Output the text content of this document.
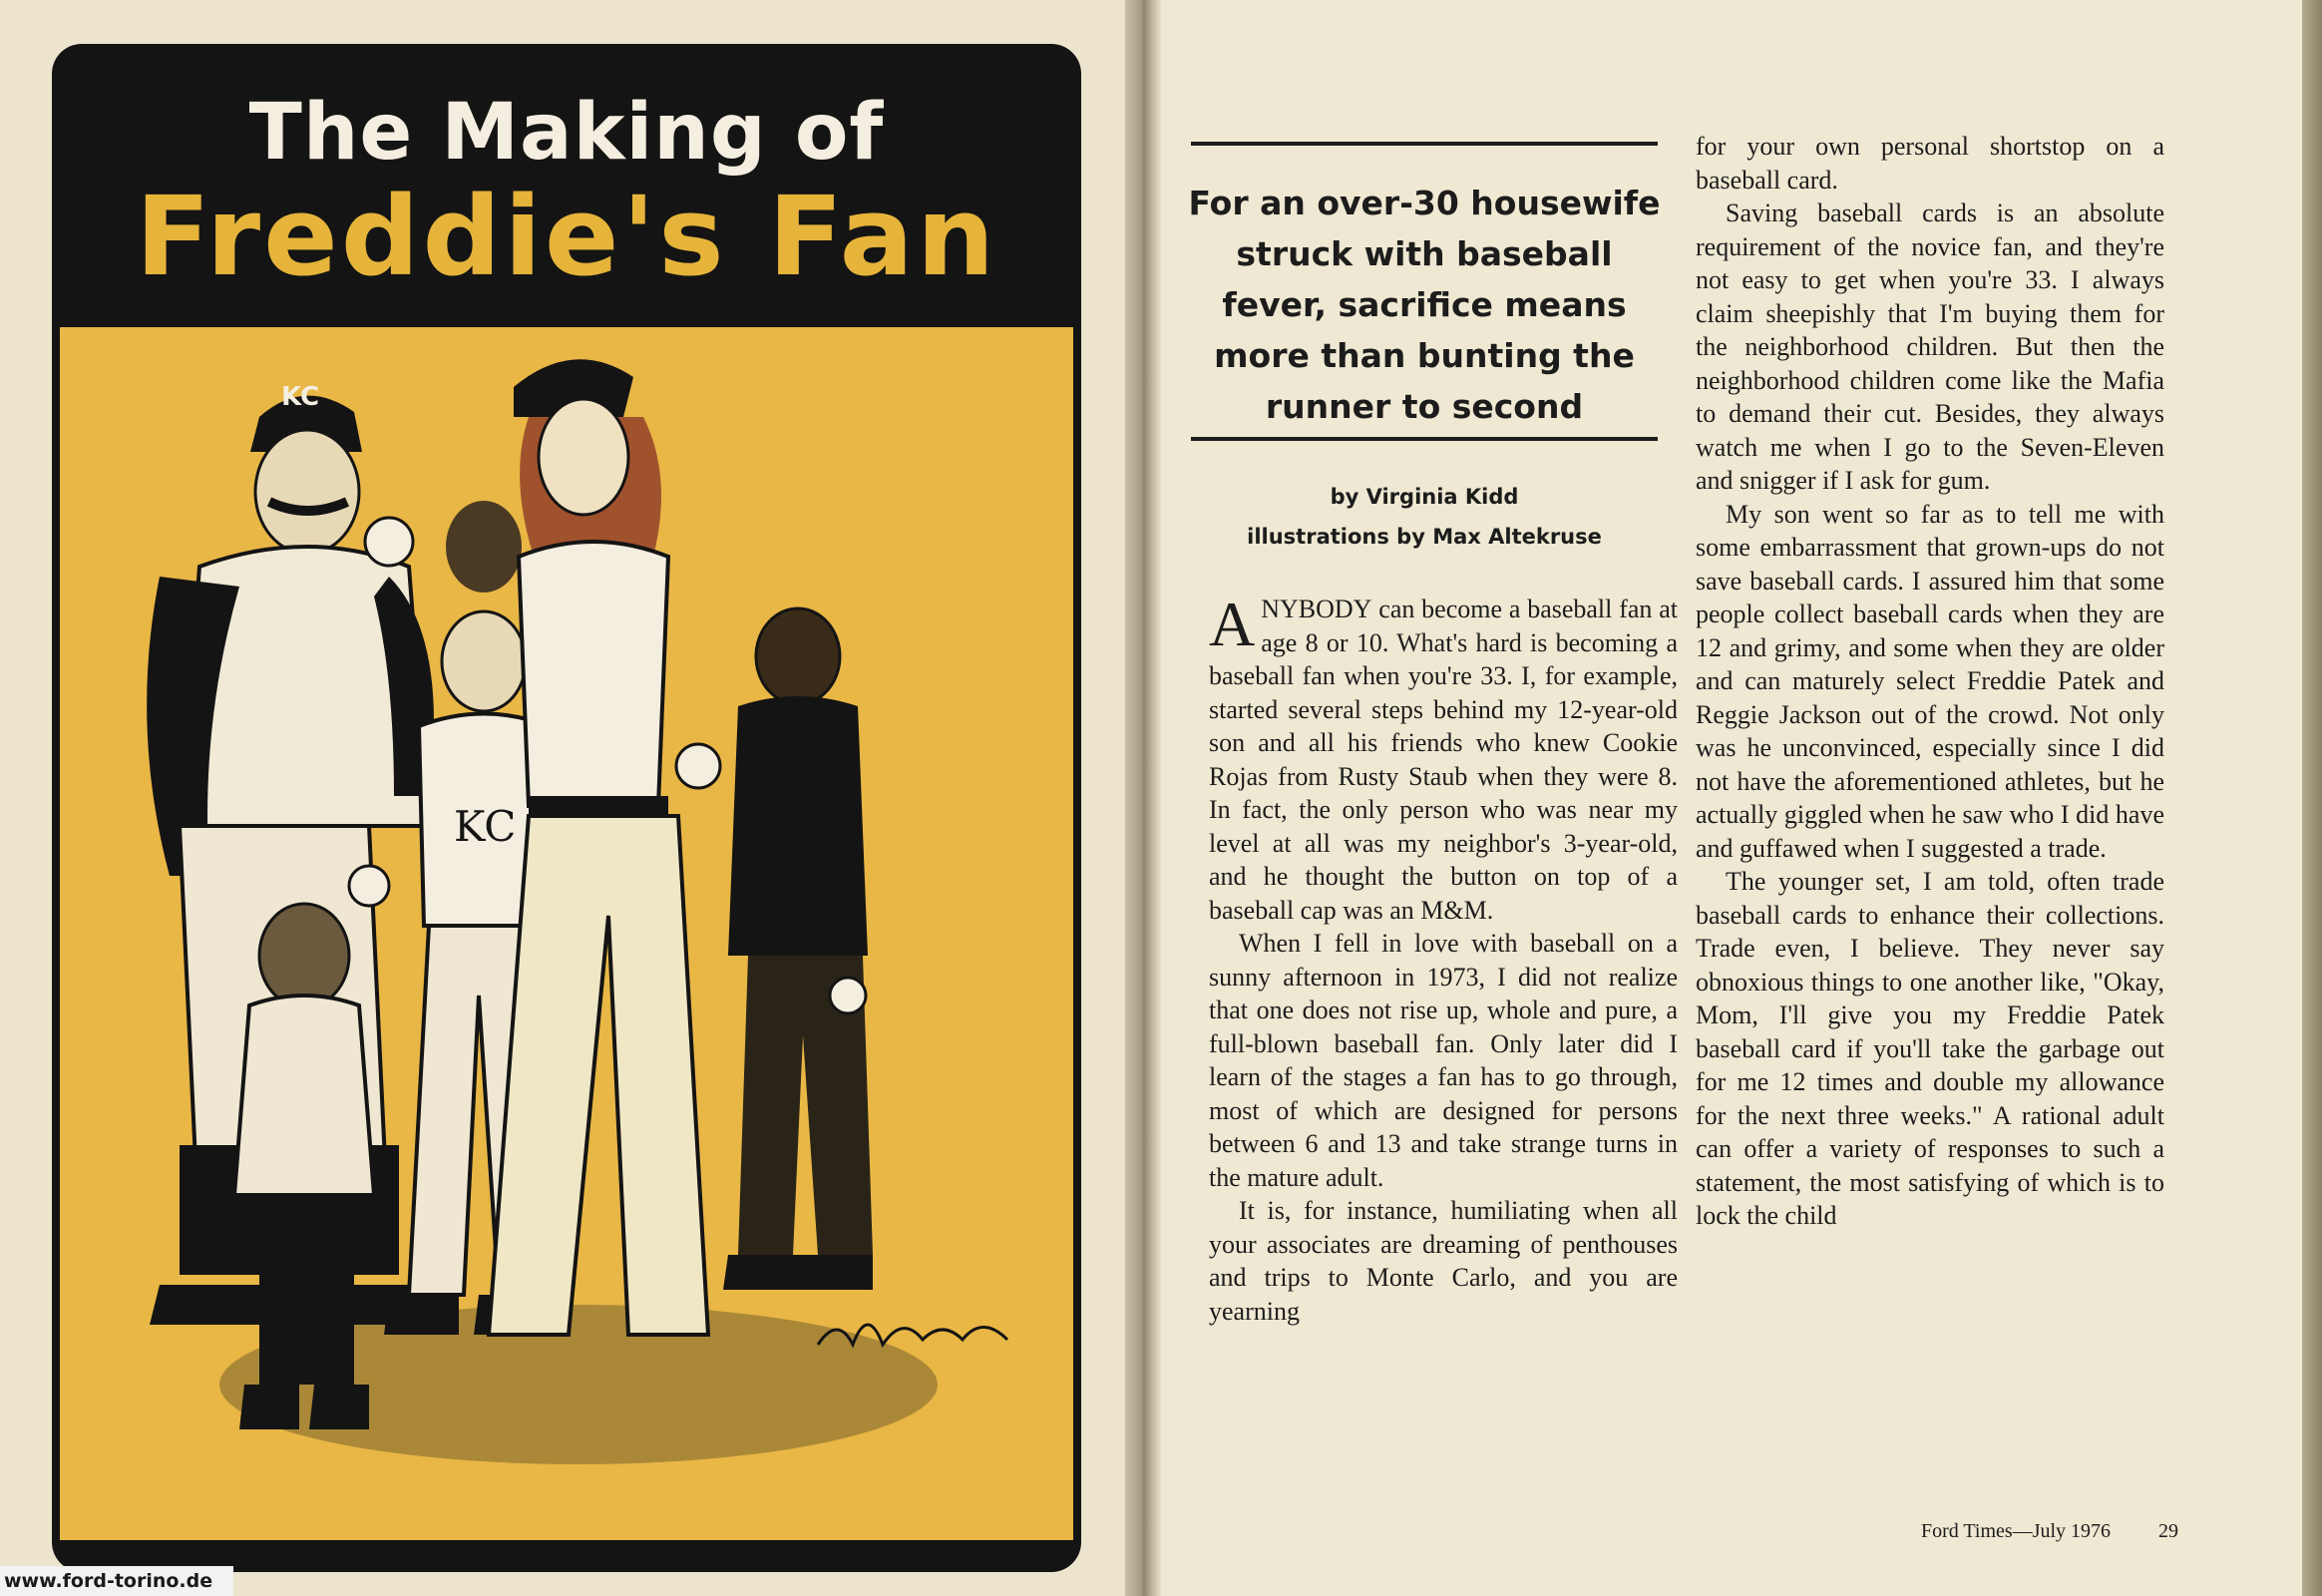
The Making of
Freddie's Fan
KC
KC
www.ford-torino.de
For an over-30 housewife struck with baseball fever, sacrifice means more than bunting the runner to second
by Virginia Kidd
illustrations by Max Altekruse

ANYBODY can become a baseball fan at age 8 or 10. What's hard is becoming a baseball fan when you're 33. I, for example, started several steps behind my 12-year-old son and all his friends who knew Cookie Rojas from Rusty Staub when they were 8. In fact, the only person who was near my level at all was my neighbor's 3-year-old, and he thought the button on top of a baseball cap was an M&M.

When I fell in love with baseball on a sunny afternoon in 1973, I did not realize that one does not rise up, whole and pure, a full-blown baseball fan. Only later did I learn of the stages a fan has to go through, most of which are designed for persons between 6 and 13 and take strange turns in the mature adult.

It is, for instance, humiliating when all your associates are dreaming of penthouses and trips to Monte Carlo, and you are yearning

for your own personal shortstop on a baseball card.

Saving baseball cards is an absolute requirement of the novice fan, and they're not easy to get when you're 33. I always claim sheepishly that I'm buying them for the neighborhood children. But then the neighborhood children come like the Mafia to demand their cut. Besides, they always watch me when I go to the Seven-Eleven and snigger if I ask for gum.

My son went so far as to tell me with some embarrassment that grown-ups do not save baseball cards. I assured him that some people collect baseball cards when they are 12 and grimy, and some when they are older and can maturely select Freddie Patek and Reggie Jackson out of the crowd. Not only was he unconvinced, especially since I did not have the aforementioned athletes, but he actually giggled when he saw who I did have and guffawed when I suggested a trade.

The younger set, I am told, often trade baseball cards to enhance their collections. Trade even, I believe. They never say obnoxious things to one another like, "Okay, Mom, I'll give you my Freddie Patek baseball card if you'll take the garbage out for me 12 times and double my allowance for the next three weeks." A rational adult can offer a variety of responses to such a statement, the most satisfying of which is to lock the child

Ford Times—July 1976 29
